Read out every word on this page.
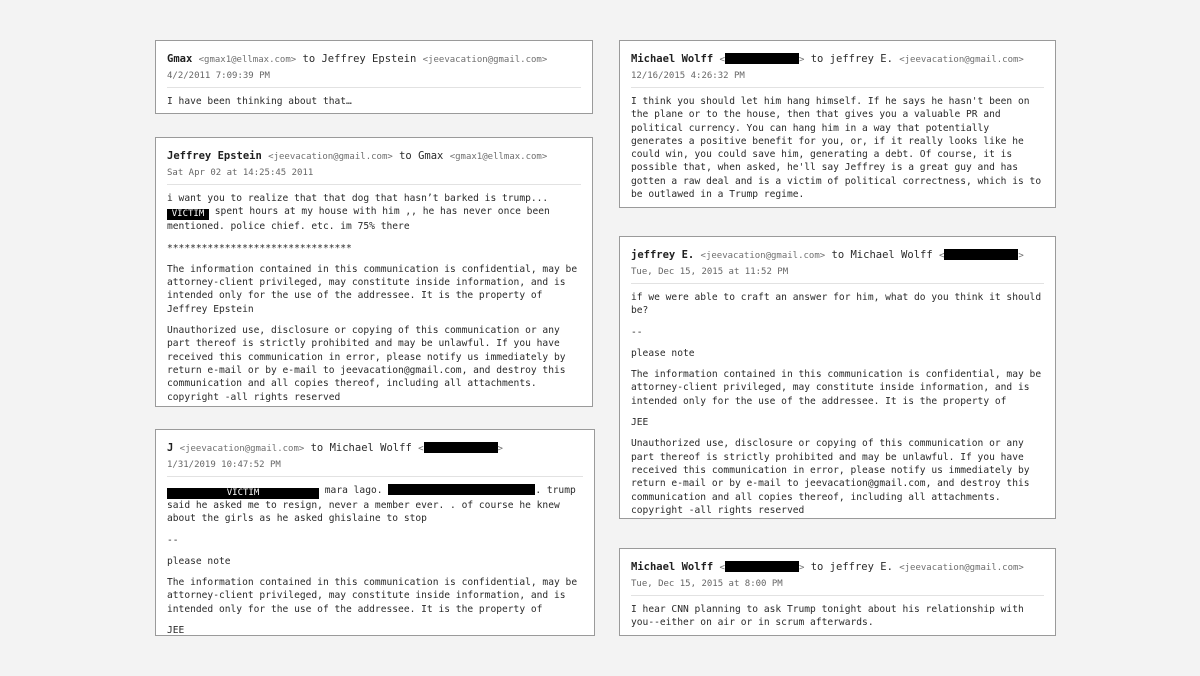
Gmax <gmax1@ellmax.com> to Jeffrey Epstein <jeevacation@gmail.com>
4/2/2011 7:09:39 PM

I have been thinking about that…

Jeffrey Epstein <jeevacation@gmail.com> to Gmax <gmax1@ellmax.com>
Sat Apr 02 at 14:25:45 2011

i want you to realize that that dog that hasn’t barked is trump...
VICTIM spent hours at my house with him ,, he has never once been mentioned. police chief. etc. im 75% there

********************************

The information contained in this communication is confidential, may be attorney-client privileged, may constitute inside information, and is intended only for the use of the addressee. It is the property of Jeffrey Epstein

Unauthorized use, disclosure or copying of this communication or any part thereof is strictly prohibited and may be unlawful. If you have received this communication in error, please notify us immediately by return e-mail or by e-mail to jeevacation@gmail.com, and destroy this communication and all copies thereof, including all attachments. copyright -all rights reserved

J <jeevacation@gmail.com> to Michael Wolff <	>
1/31/2019 10:47:52 PM

VICTIM	mara lago.	. trump said he asked me to resign, never a member ever. . of course he knew about the girls as he asked ghislaine to stop

--

please note

The information contained in this communication is confidential, may be attorney-client privileged, may constitute inside information, and is intended only for the use of the addressee. It is the property of

JEE

Michael Wolff <	> to jeffrey E. <jeevacation@gmail.com>
12/16/2015 4:26:32 PM

I think you should let him hang himself. If he says he hasn't been on the plane or to the house, then that gives you a valuable PR and political currency. You can hang him in a way that potentially generates a positive benefit for you, or, if it really looks like he could win, you could save him, generating a debt. Of course, it is possible that, when asked, he'll say Jeffrey is a great guy and has gotten a raw deal and is a victim of political correctness, which is to be outlawed in a Trump regime.

jeffrey E. <jeevacation@gmail.com> to Michael Wolff <	>
Tue, Dec 15, 2015 at 11:52 PM

if we were able to craft an answer for him, what do you think it should be?

--

please note

The information contained in this communication is confidential, may be attorney-client privileged, may constitute inside information, and is intended only for the use of the addressee. It is the property of

JEE

Unauthorized use, disclosure or copying of this communication or any part thereof is strictly prohibited and may be unlawful. If you have received this communication in error, please notify us immediately by return e-mail or by e-mail to jeevacation@gmail.com, and destroy this communication and all copies thereof, including all attachments. copyright -all rights reserved

Michael Wolff <	> to jeffrey E. <jeevacation@gmail.com>
Tue, Dec 15, 2015 at 8:00 PM

I hear CNN planning to ask Trump tonight about his relationship with you--either on air or in scrum afterwards.
